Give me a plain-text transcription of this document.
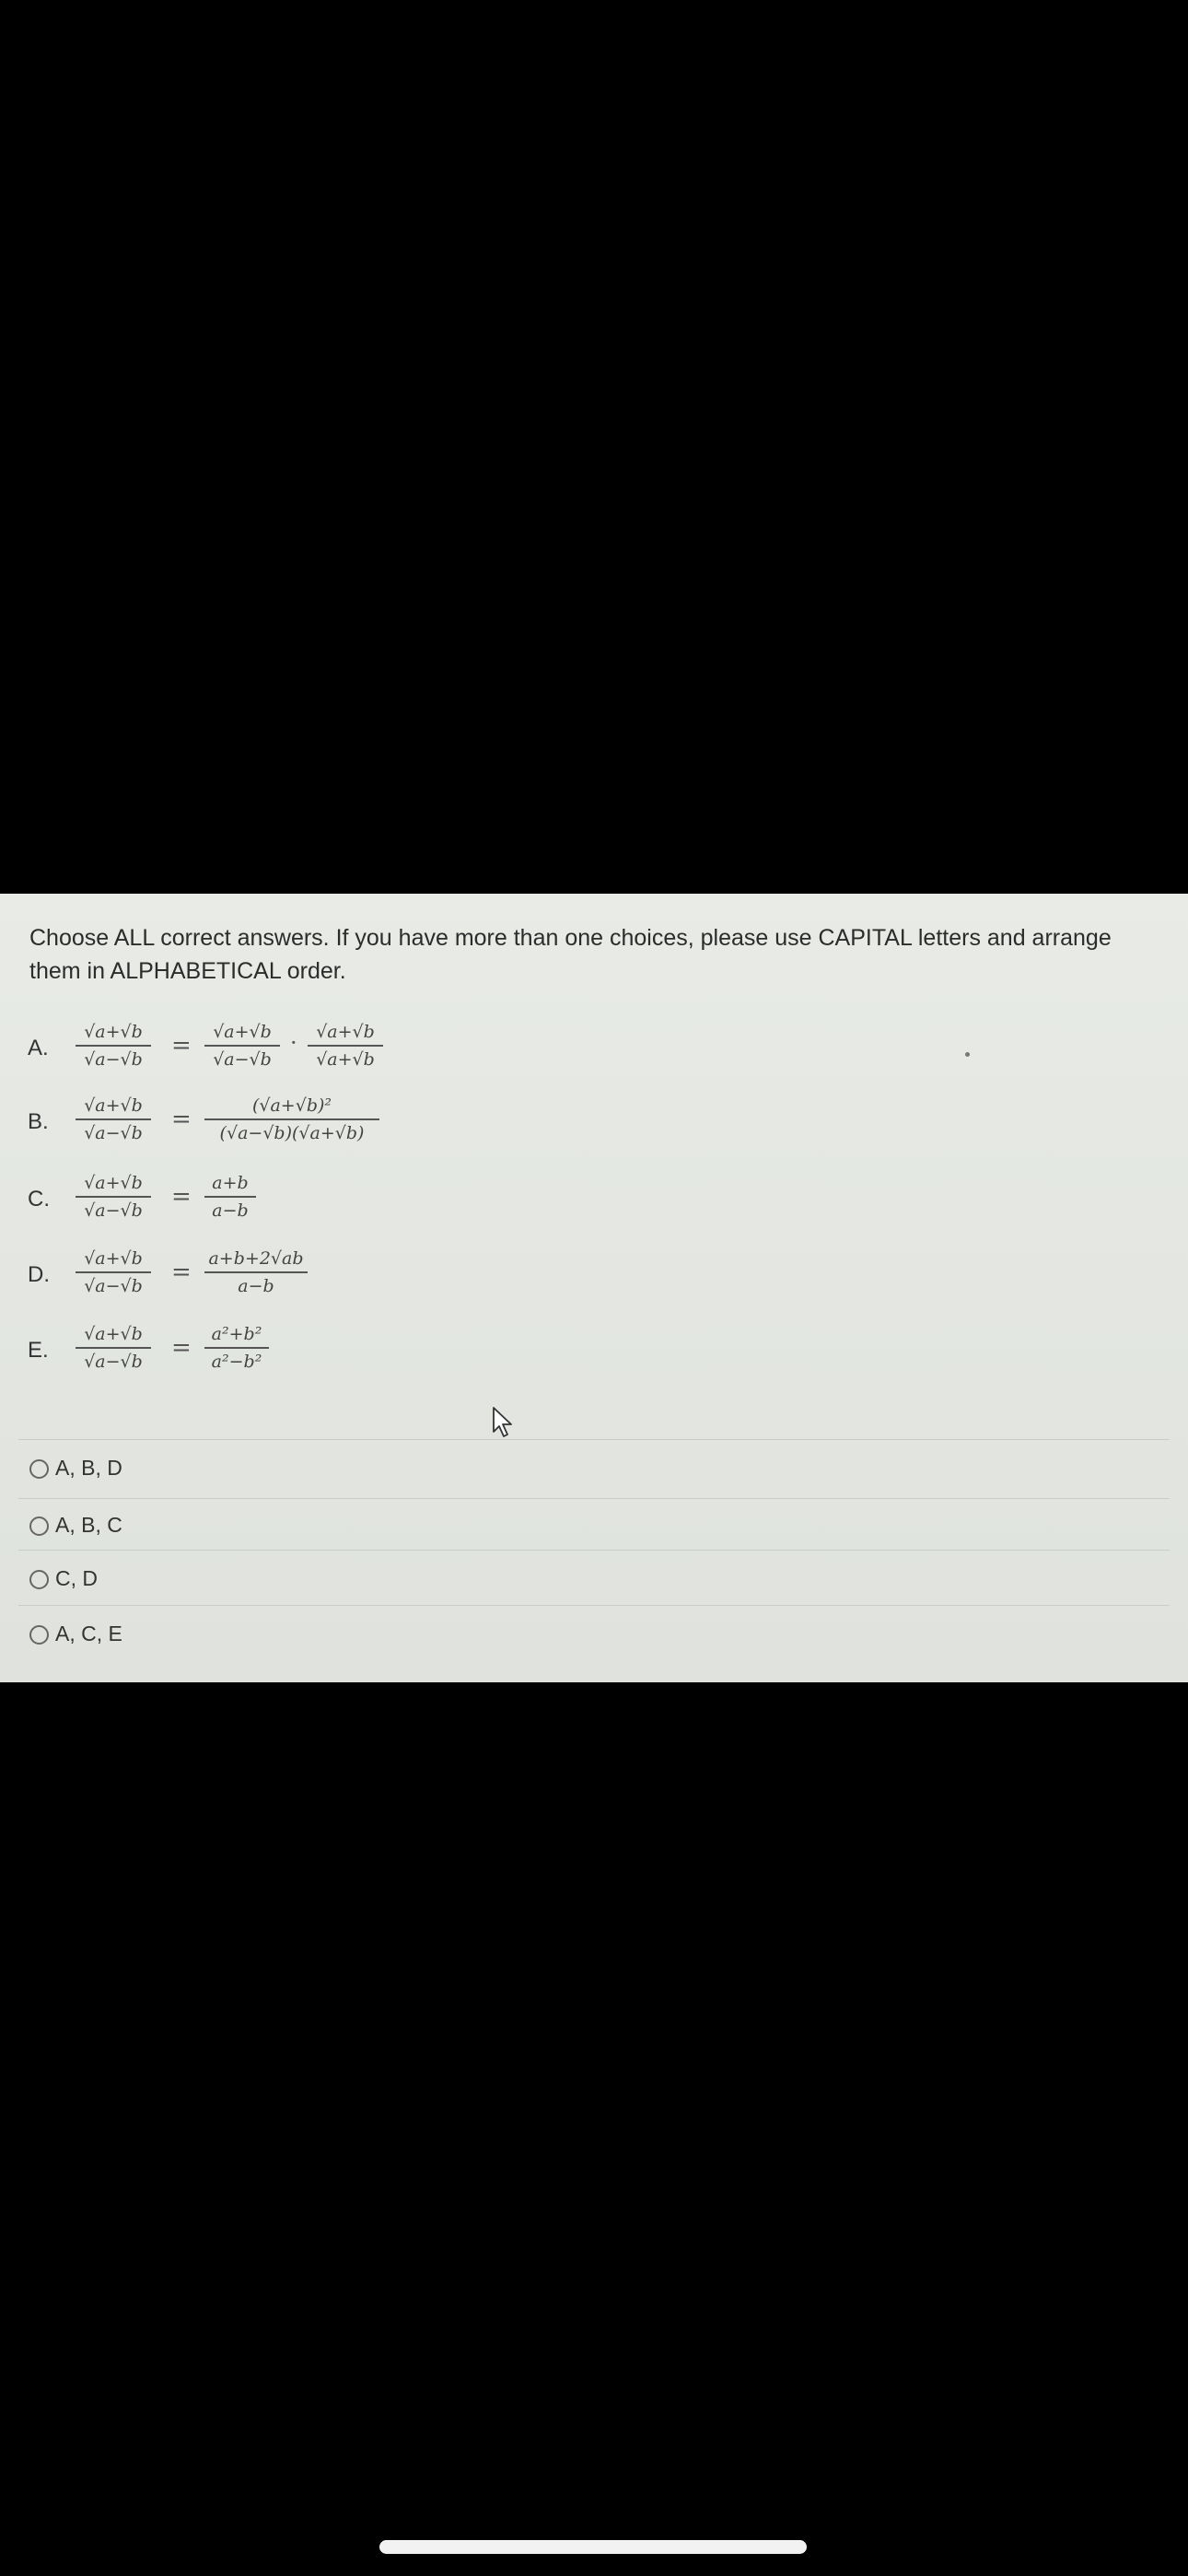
Choose ALL correct answers. If you have more than one choices, please use CAPITAL letters and arrange them in ALPHABETICAL order.
A.
√a+√b
√a−√b	=	√a+√b
√a−√b
·	√a+√b
√a+√b
B.
√a+√b
√a−√b	=	(√a+√b)²
(√a−√b)(√a+√b)
C.
√a+√b
√a−√b	=	a+b
a−b
D.
√a+√b
√a−√b	= a+b+2√ab
a−b
E.
√a+√b
√a−√b	=	a²+b²
a²−b²
A, B, D
A, B, C
C, D
A, C, E
